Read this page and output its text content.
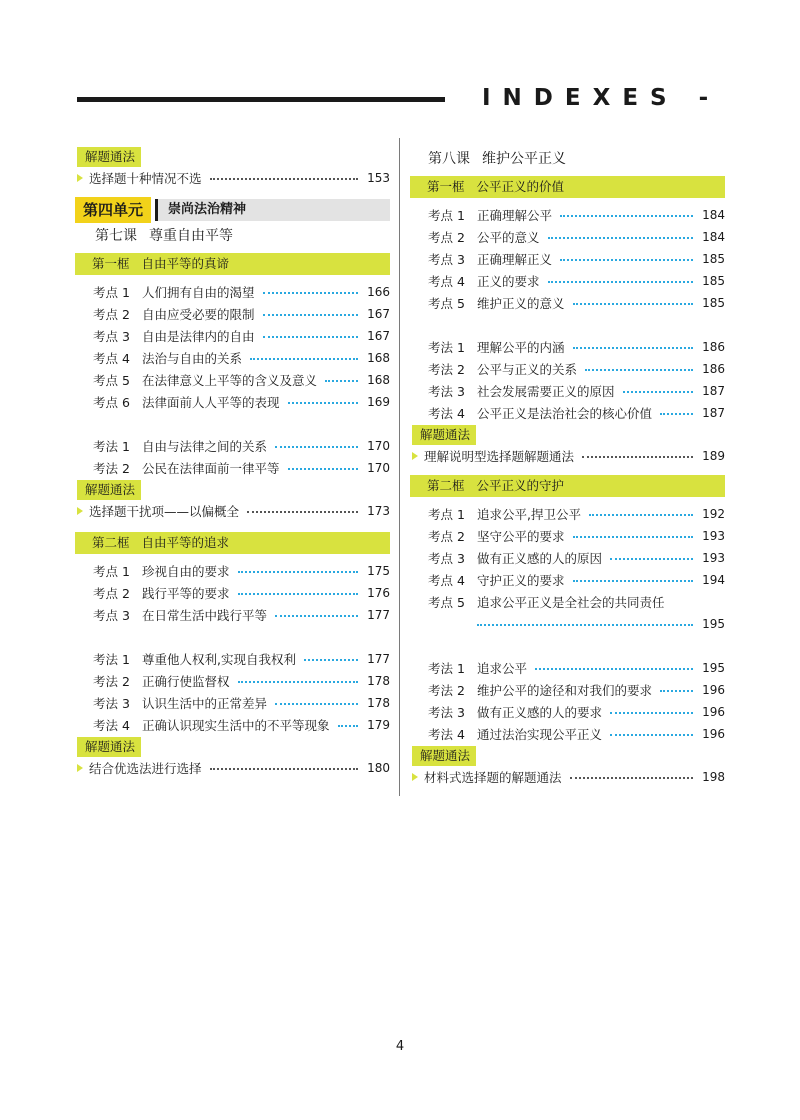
INDEXES -
解题通法
选择题十种情况不选	153
第四单元	崇尚法治精神
第七课 尊重自由平等
第一框 自由平等的真谛
考点 1 人们拥有自由的渴望	166
考点 2 自由应受必要的限制	167
考点 3 自由是法律内的自由	167
考点 4 法治与自由的关系	168
考点 5 在法律意义上平等的含义及意义	168
考点 6 法律面前人人平等的表现	169
考法 1 自由与法律之间的关系	170
考法 2 公民在法律面前一律平等	170
解题通法
选择题干扰项——以偏概全	173
第二框 自由平等的追求
考点 1 珍视自由的要求	175
考点 2 践行平等的要求	176
考点 3 在日常生活中践行平等	177
考法 1 尊重他人权利,实现自我权利	177
考法 2 正确行使监督权	178
考法 3 认识生活中的正常差异	178
考法 4 正确认识现实生活中的不平等现象	179
解题通法
结合优选法进行选择	180
第八课 维护公平正义
第一框 公平正义的价值
考点 1 正确理解公平	184
考点 2 公平的意义	184
考点 3 正确理解正义	185
考点 4 正义的要求	185
考点 5 维护正义的意义	185
考法 1 理解公平的内涵	186
考法 2 公平与正义的关系	186
考法 3 社会发展需要正义的原因	187
考法 4 公平正义是法治社会的核心价值	187
解题通法
理解说明型选择题解题通法	189
第二框 公平正义的守护
考点 1 追求公平,捍卫公平	192
考点 2 坚守公平的要求	193
考点 3 做有正义感的人的原因	193
考点 4 守护正义的要求	194
考点 5 追求公平正义是全社会的共同责任
195
考法 1 追求公平	195
考法 2 维护公平的途径和对我们的要求	196
考法 3 做有正义感的人的要求	196
考法 4 通过法治实现公平正义	196
解题通法
材料式选择题的解题通法	198
4
